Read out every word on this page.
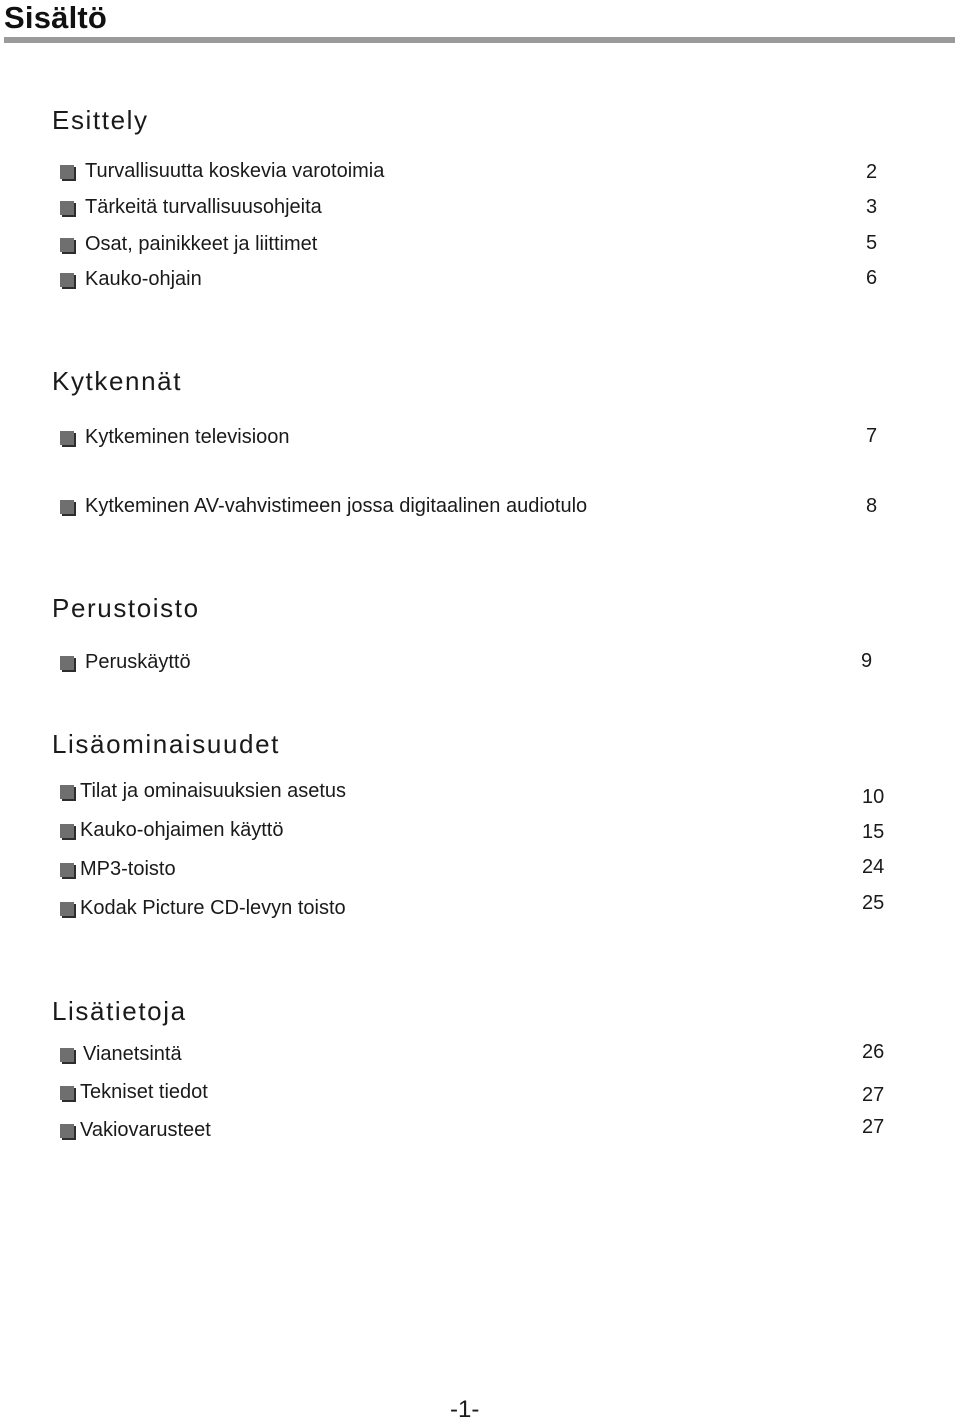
Sisältö
Esittely
Turvallisuutta koskevia varotoimia	2
Tärkeitä turvallisuusohjeita	3
Osat, painikkeet ja liittimet	5
Kauko-ohjain	6
Kytkennät
Kytkeminen televisioon	7
Kytkeminen AV-vahvistimeen jossa digitaalinen audiotulo	8
Perustoisto
Peruskäyttö	9
Lisäominaisuudet
Tilat ja ominaisuuksien asetus	10
Kauko-ohjaimen käyttö	15
MP3-toisto	24
Kodak Picture CD-levyn toisto	25
Lisätietoja
Vianetsintä	26
Tekniset tiedot	27
Vakiovarusteet	27
-1-
